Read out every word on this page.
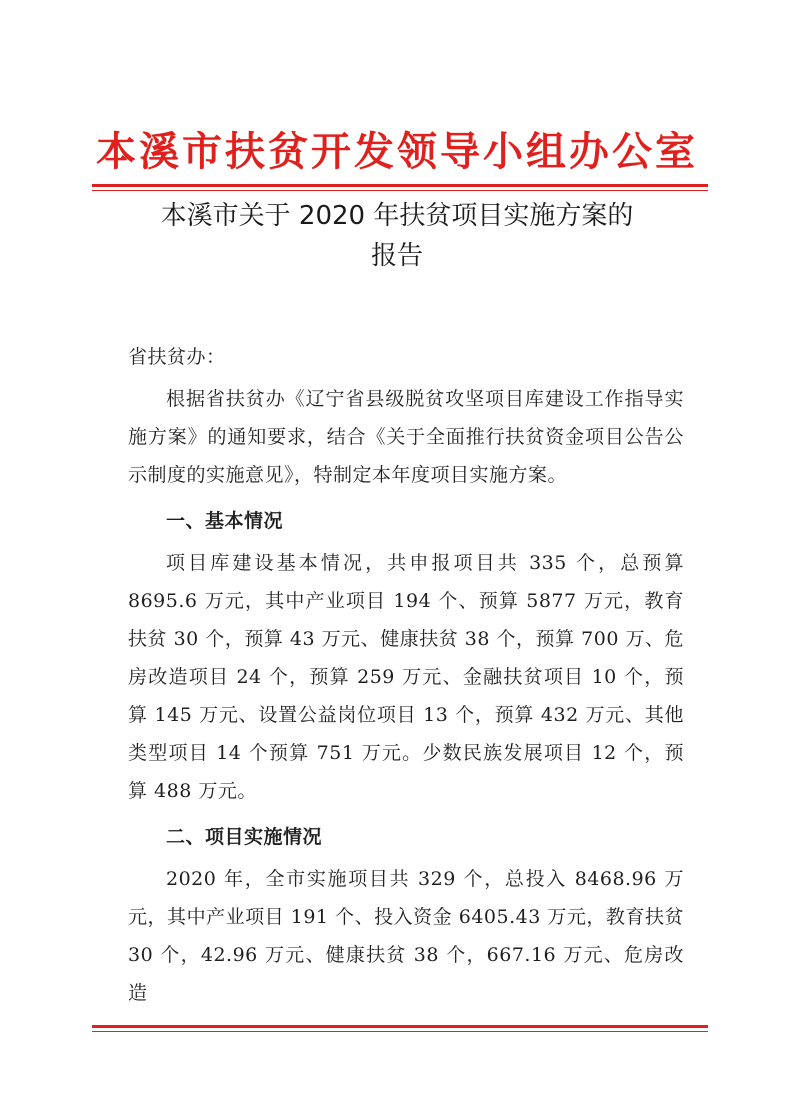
本溪市扶贫开发领导小组办公室
本溪市关于 2020 年扶贫项目实施方案的
报告

省扶贫办：

根据省扶贫办《辽宁省县级脱贫攻坚项目库建设工作指导实施方案》的通知要求，结合《关于全面推行扶贫资金项目公告公示制度的实施意见》，特制定本年度项目实施方案。

一、基本情况

项目库建设基本情况，共申报项目共 335 个，总预算 8695.6 万元，其中产业项目 194 个、预算 5877 万元，教育扶贫 30 个，预算 43 万元、健康扶贫 38 个，预算 700 万、危房改造项目 24 个，预算 259 万元、金融扶贫项目 10 个，预算 145 万元、设置公益岗位项目 13 个，预算 432 万元、其他类型项目 14 个预算 751 万元。少数民族发展项目 12 个，预算 488 万元。

二、项目实施情况

2020 年，全市实施项目共 329 个，总投入 8468.96 万元，其中产业项目 191 个、投入资金 6405.43 万元，教育扶贫 30 个，42.96 万元、健康扶贫 38 个，667.16 万元、危房改造
